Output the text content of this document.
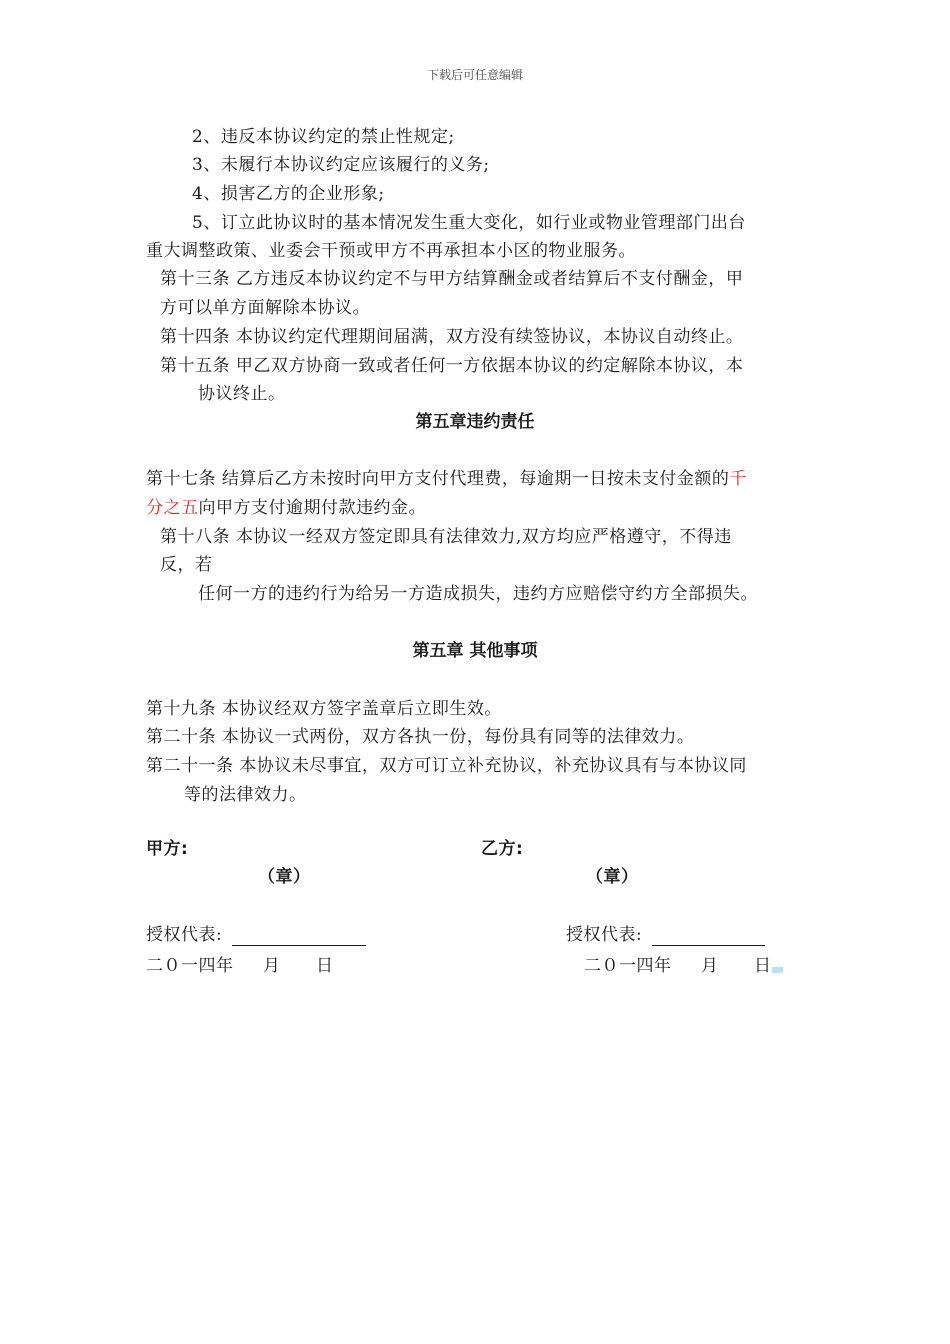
下载后可任意编辑
2、违反本协议约定的禁止性规定;
3、未履行本协议约定应该履行的义务;
4、损害乙方的企业形象;
5、订立此协议时的基本情况发生重大变化，如行业或物业管理部门出台
重大调整政策、业委会干预或甲方不再承担本小区的物业服务。
第十三条 乙方违反本协议约定不与甲方结算酬金或者结算后不支付酬金，甲
方可以单方面解除本协议。
第十四条 本协议约定代理期间届满，双方没有续签协议，本协议自动终止。
第十五条 甲乙双方协商一致或者任何一方依据本协议的约定解除本协议，本
协议终止。
第五章违约责任
第十七条 结算后乙方未按时向甲方支付代理费，每逾期一日按未支付金额的千
分之五向甲方支付逾期付款违约金。
第十八条 本协议一经双方签定即具有法律效力,双方均应严格遵守，不得违
反，若
任何一方的违约行为给另一方造成损失，违约方应赔偿守约方全部损失。
第五章 其他事项
第十九条 本协议经双方签字盖章后立即生效。
第二十条 本协议一式两份，双方各执一份，每份具有同等的法律效力。
第二十一条 本协议未尽事宜，双方可订立补充协议，补充协议具有与本协议同
等的法律效力。
甲方:	乙方:
（章）	（章）
授权代表:	授权代表:
二０一四年     月      日	二０一四年     月      日
